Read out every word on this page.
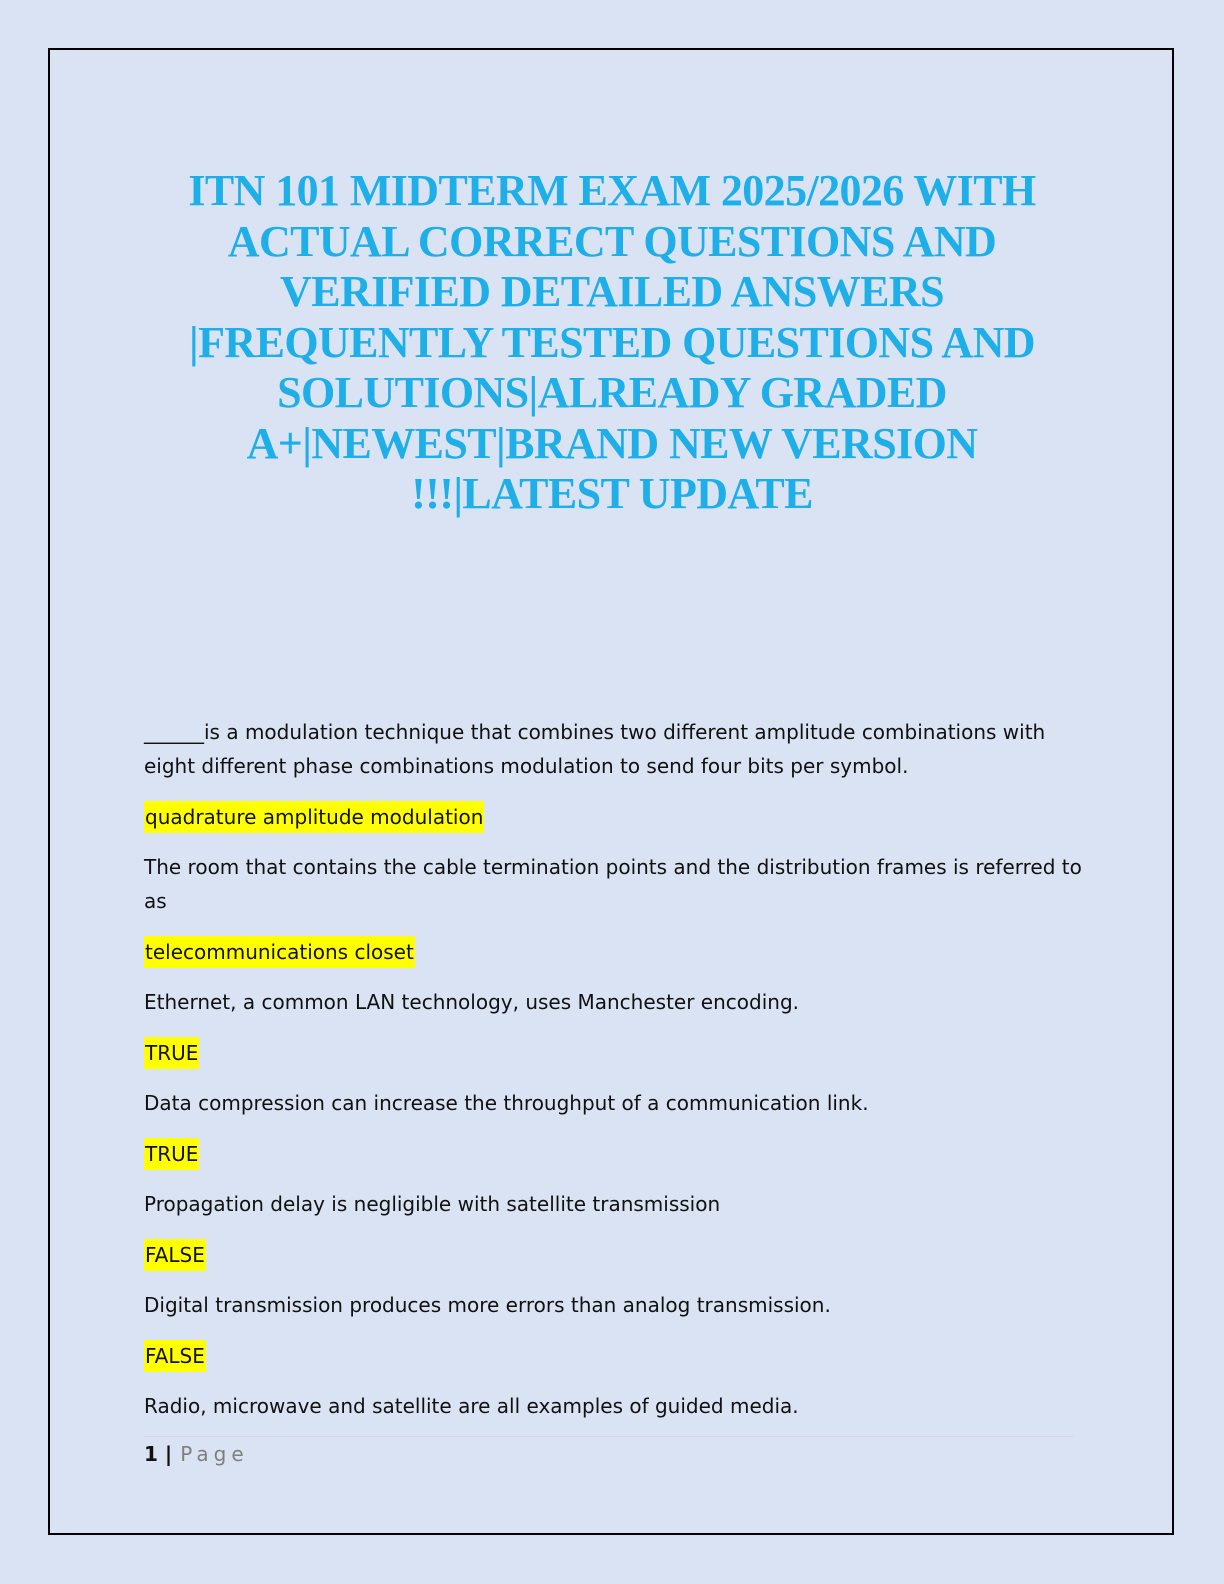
ITN 101 MIDTERM EXAM 2025/2026 WITH
ACTUAL CORRECT QUESTIONS AND
VERIFIED DETAILED ANSWERS
|FREQUENTLY TESTED QUESTIONS AND
SOLUTIONS|ALREADY GRADED
A+|NEWEST|BRAND NEW VERSION
!!!|LATEST UPDATE

______is a modulation technique that combines two different amplitude combinations with eight different phase combinations modulation to send four bits per symbol.

quadrature amplitude modulation

The room that contains the cable termination points and the distribution frames is referred to as

telecommunications closet

Ethernet, a common LAN technology, uses Manchester encoding.

TRUE

Data compression can increase the throughput of a communication link.

TRUE

Propagation delay is negligible with satellite transmission

FALSE

Digital transmission produces more errors than analog transmission.

FALSE

Radio, microwave and satellite are all examples of guided media.

1 | Page
